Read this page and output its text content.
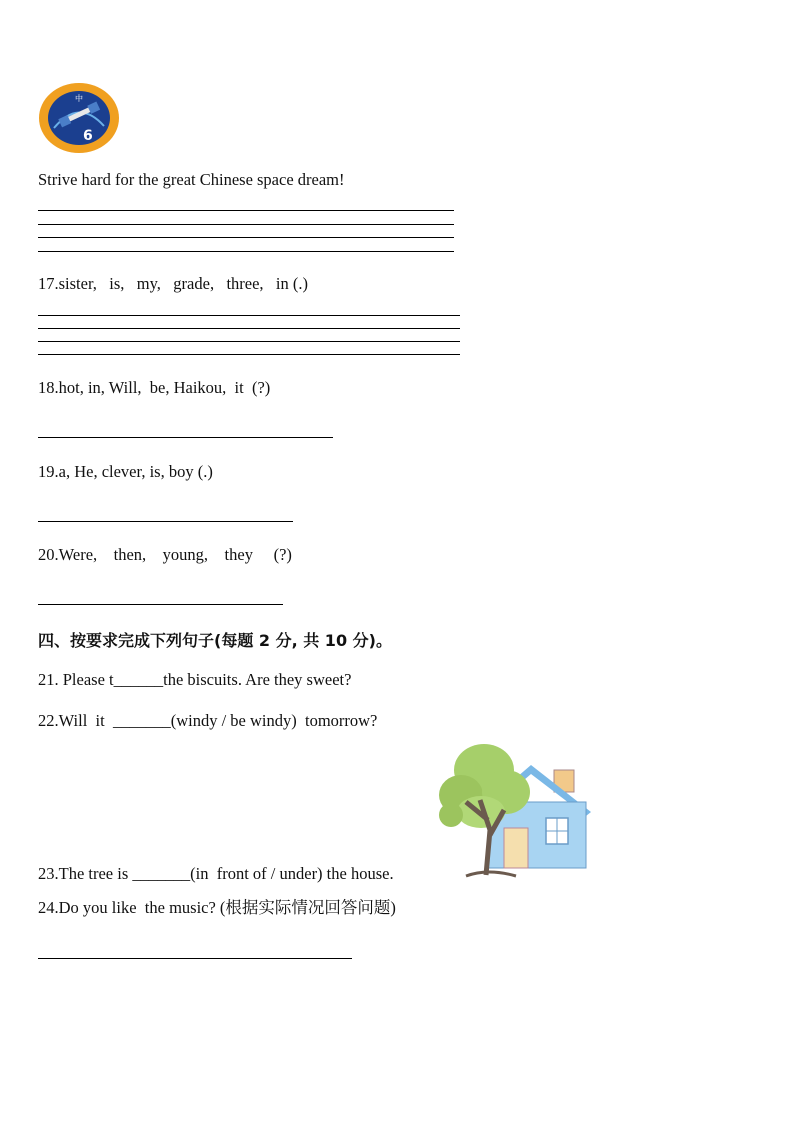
6
中
Strive hard for the great Chinese space dream!
17.sister,   is,   my,   grade,   three,   in (.)
18.hot, in, Will,  be, Haikou,  it  (?)
19.a, He, clever, is, boy (.)
20.Were,    then,    young,    they     (?)
四、按要求完成下列句子(每题 2 分, 共 10 分)。
21. Please t______the biscuits. Are they sweet?
22.Will  it  _______(windy / be windy)  tomorrow?
23.The tree is _______(in  front of / under) the house.
24.Do you like  the music? (根据实际情况回答问题)
